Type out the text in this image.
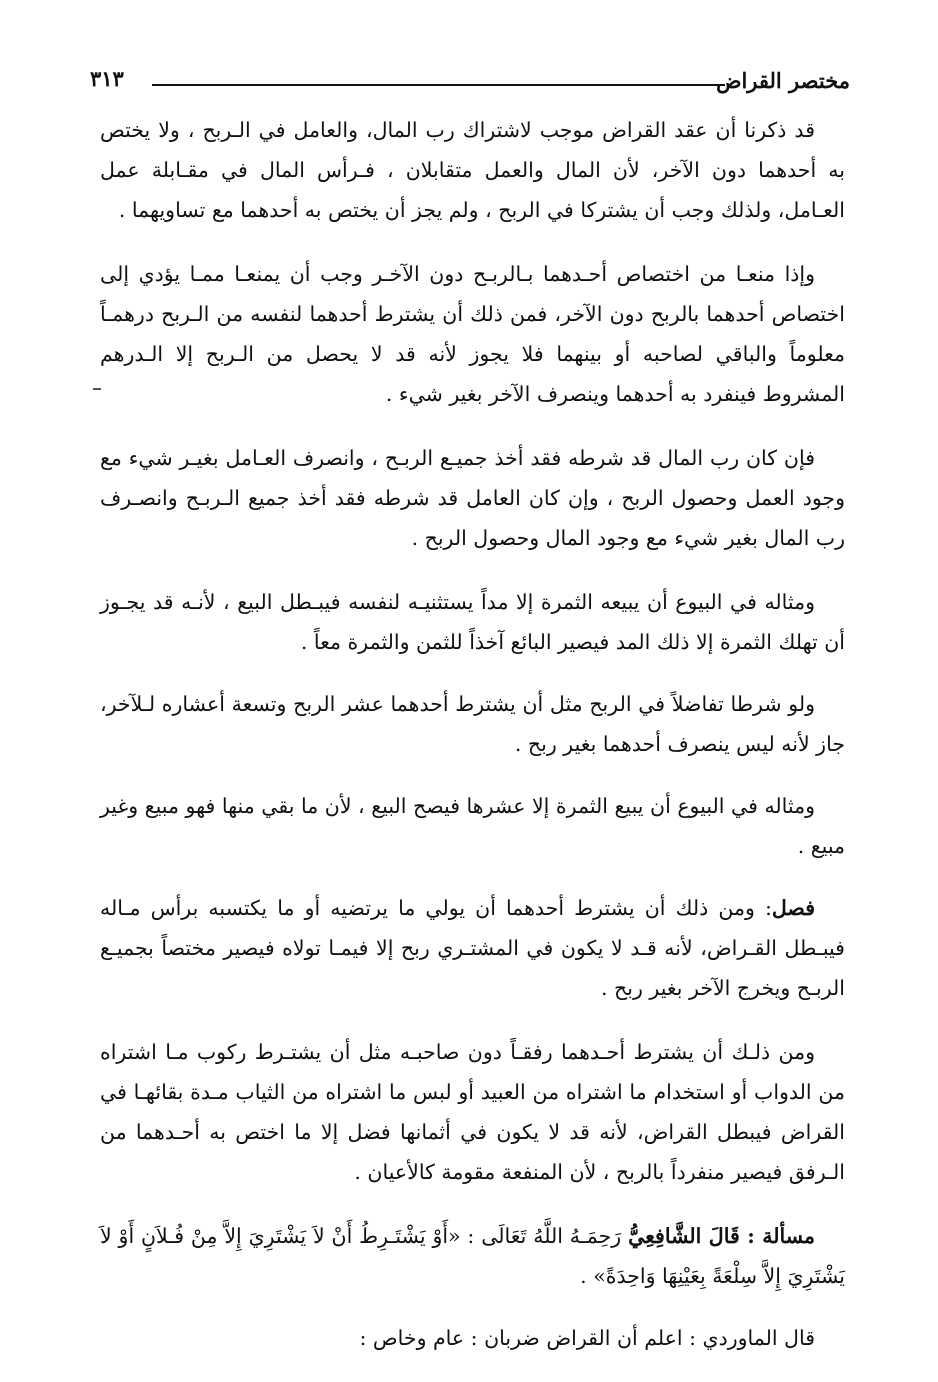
مختصر القراض
٣١٣

قد ذكرنا أن عقد القراض موجب لاشتراك رب المال، والعامل في الـربح ، ولا يختص به أحدهما دون الآخر، لأن المال والعمل متقابلان ، فـرأس المال في مقـابلة عمل العـامل، ولذلك وجب أن يشتركا في الربح ، ولم يجز أن يختص به أحدهما مع تساويهما .

وإذا منعـا من اختصاص أحـدهما بـالربـح دون الآخـر وجب أن يمنعـا ممـا يؤدي إلى اختصاص أحدهما بالربح دون الآخر، فمن ذلك أن يشترط أحدهما لنفسه من الـربح درهمـاً معلوماً والباقي لصاحبه أو بينهما فلا يجوز لأنه قد لا يحصل من الـربح إلا الـدرهم المشروط فينفرد به أحدهما وينصرف الآخر بغير شيء .

فإن كان رب المال قد شرطه فقد أخذ جميـع الربـح ، وانصرف العـامل بغيـر شيء مع وجود العمل وحصول الربح ، وإن كان العامل قد شرطه فقد أخذ جميع الـربـح وانصـرف رب المال بغير شيء مع وجود المال وحصول الربح .

ومثاله في البيوع أن يبيعه الثمرة إلا مداً يستثنيـه لنفسه فيبـطل البيع ، لأنـه قد يجـوز أن تهلك الثمرة إلا ذلك المد فيصير البائع آخذاً للثمن والثمرة معاً .

ولو شرطا تفاضلاً في الربح مثل أن يشترط أحدهما عشر الربح وتسعة أعشاره لـلآخر، جاز لأنه ليس ينصرف أحدهما بغير ربح .

ومثاله في البيوع أن يبيع الثمرة إلا عشرها فيصح البيع ، لأن ما بقي منها فهو مبيع وغير مبيع .

فصل: ومن ذلك أن يشترط أحدهما أن يولي ما يرتضيه أو ما يكتسبه برأس مـاله فيبـطل القـراض، لأنه قـد لا يكون في المشتـري ربح إلا فيمـا تولاه فيصير مختصاً بجميـع الربـح ويخرج الآخر بغير ربح .

ومن ذلـك أن يشترط أحـدهما رفقـاً دون صاحبـه مثل أن يشتـرط ركوب مـا اشتراه من الدواب أو استخدام ما اشتراه من العبيد أو لبس ما اشتراه من الثياب مـدة بقائهـا في القراض فيبطل القراض، لأنه قد لا يكون في أثمانها فضل إلا ما اختص به أحـدهما من الـرفق فيصير منفرداً بالربح ، لأن المنفعة مقومة كالأعيان .

مسألة : قَالَ الشَّافِعِيُّ رَحِمَـهُ اللَّهُ تَعَالَى : «أَوْ يَشْتَـرِطُ أَنْ لاَ يَشْتَرِيَ إِلاَّ مِنْ فُـلاَنٍ أَوْ لاَ يَشْتَرِيَ إِلاَّ سِلْعَةً بِعَيْنِهَا وَاحِدَةً» .

قال الماوردي : اعلم أن القراض ضربان : عام وخاص :
